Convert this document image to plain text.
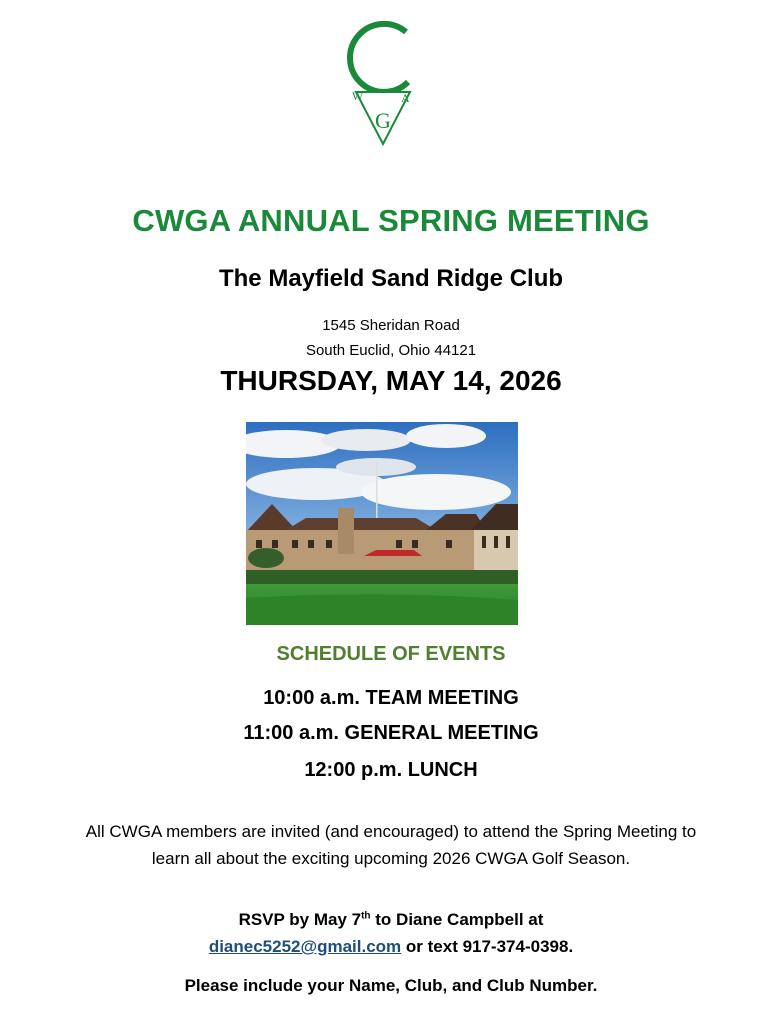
W
G
A
CWGA ANNUAL SPRING MEETING
The Mayfield Sand Ridge Club
1545 Sheridan Road
South Euclid, Ohio 44121
THURSDAY, MAY 14, 2026
SCHEDULE OF EVENTS
10:00 a.m. TEAM MEETING
11:00 a.m. GENERAL MEETING
12:00 p.m. LUNCH
All CWGA members are invited (and encouraged) to attend the Spring Meeting to learn all about the exciting upcoming 2026 CWGA Golf Season.
RSVP by May 7th to Diane Campbell at
dianec5252@gmail.com or text 917-374-0398.
Please include your Name, Club, and Club Number.
